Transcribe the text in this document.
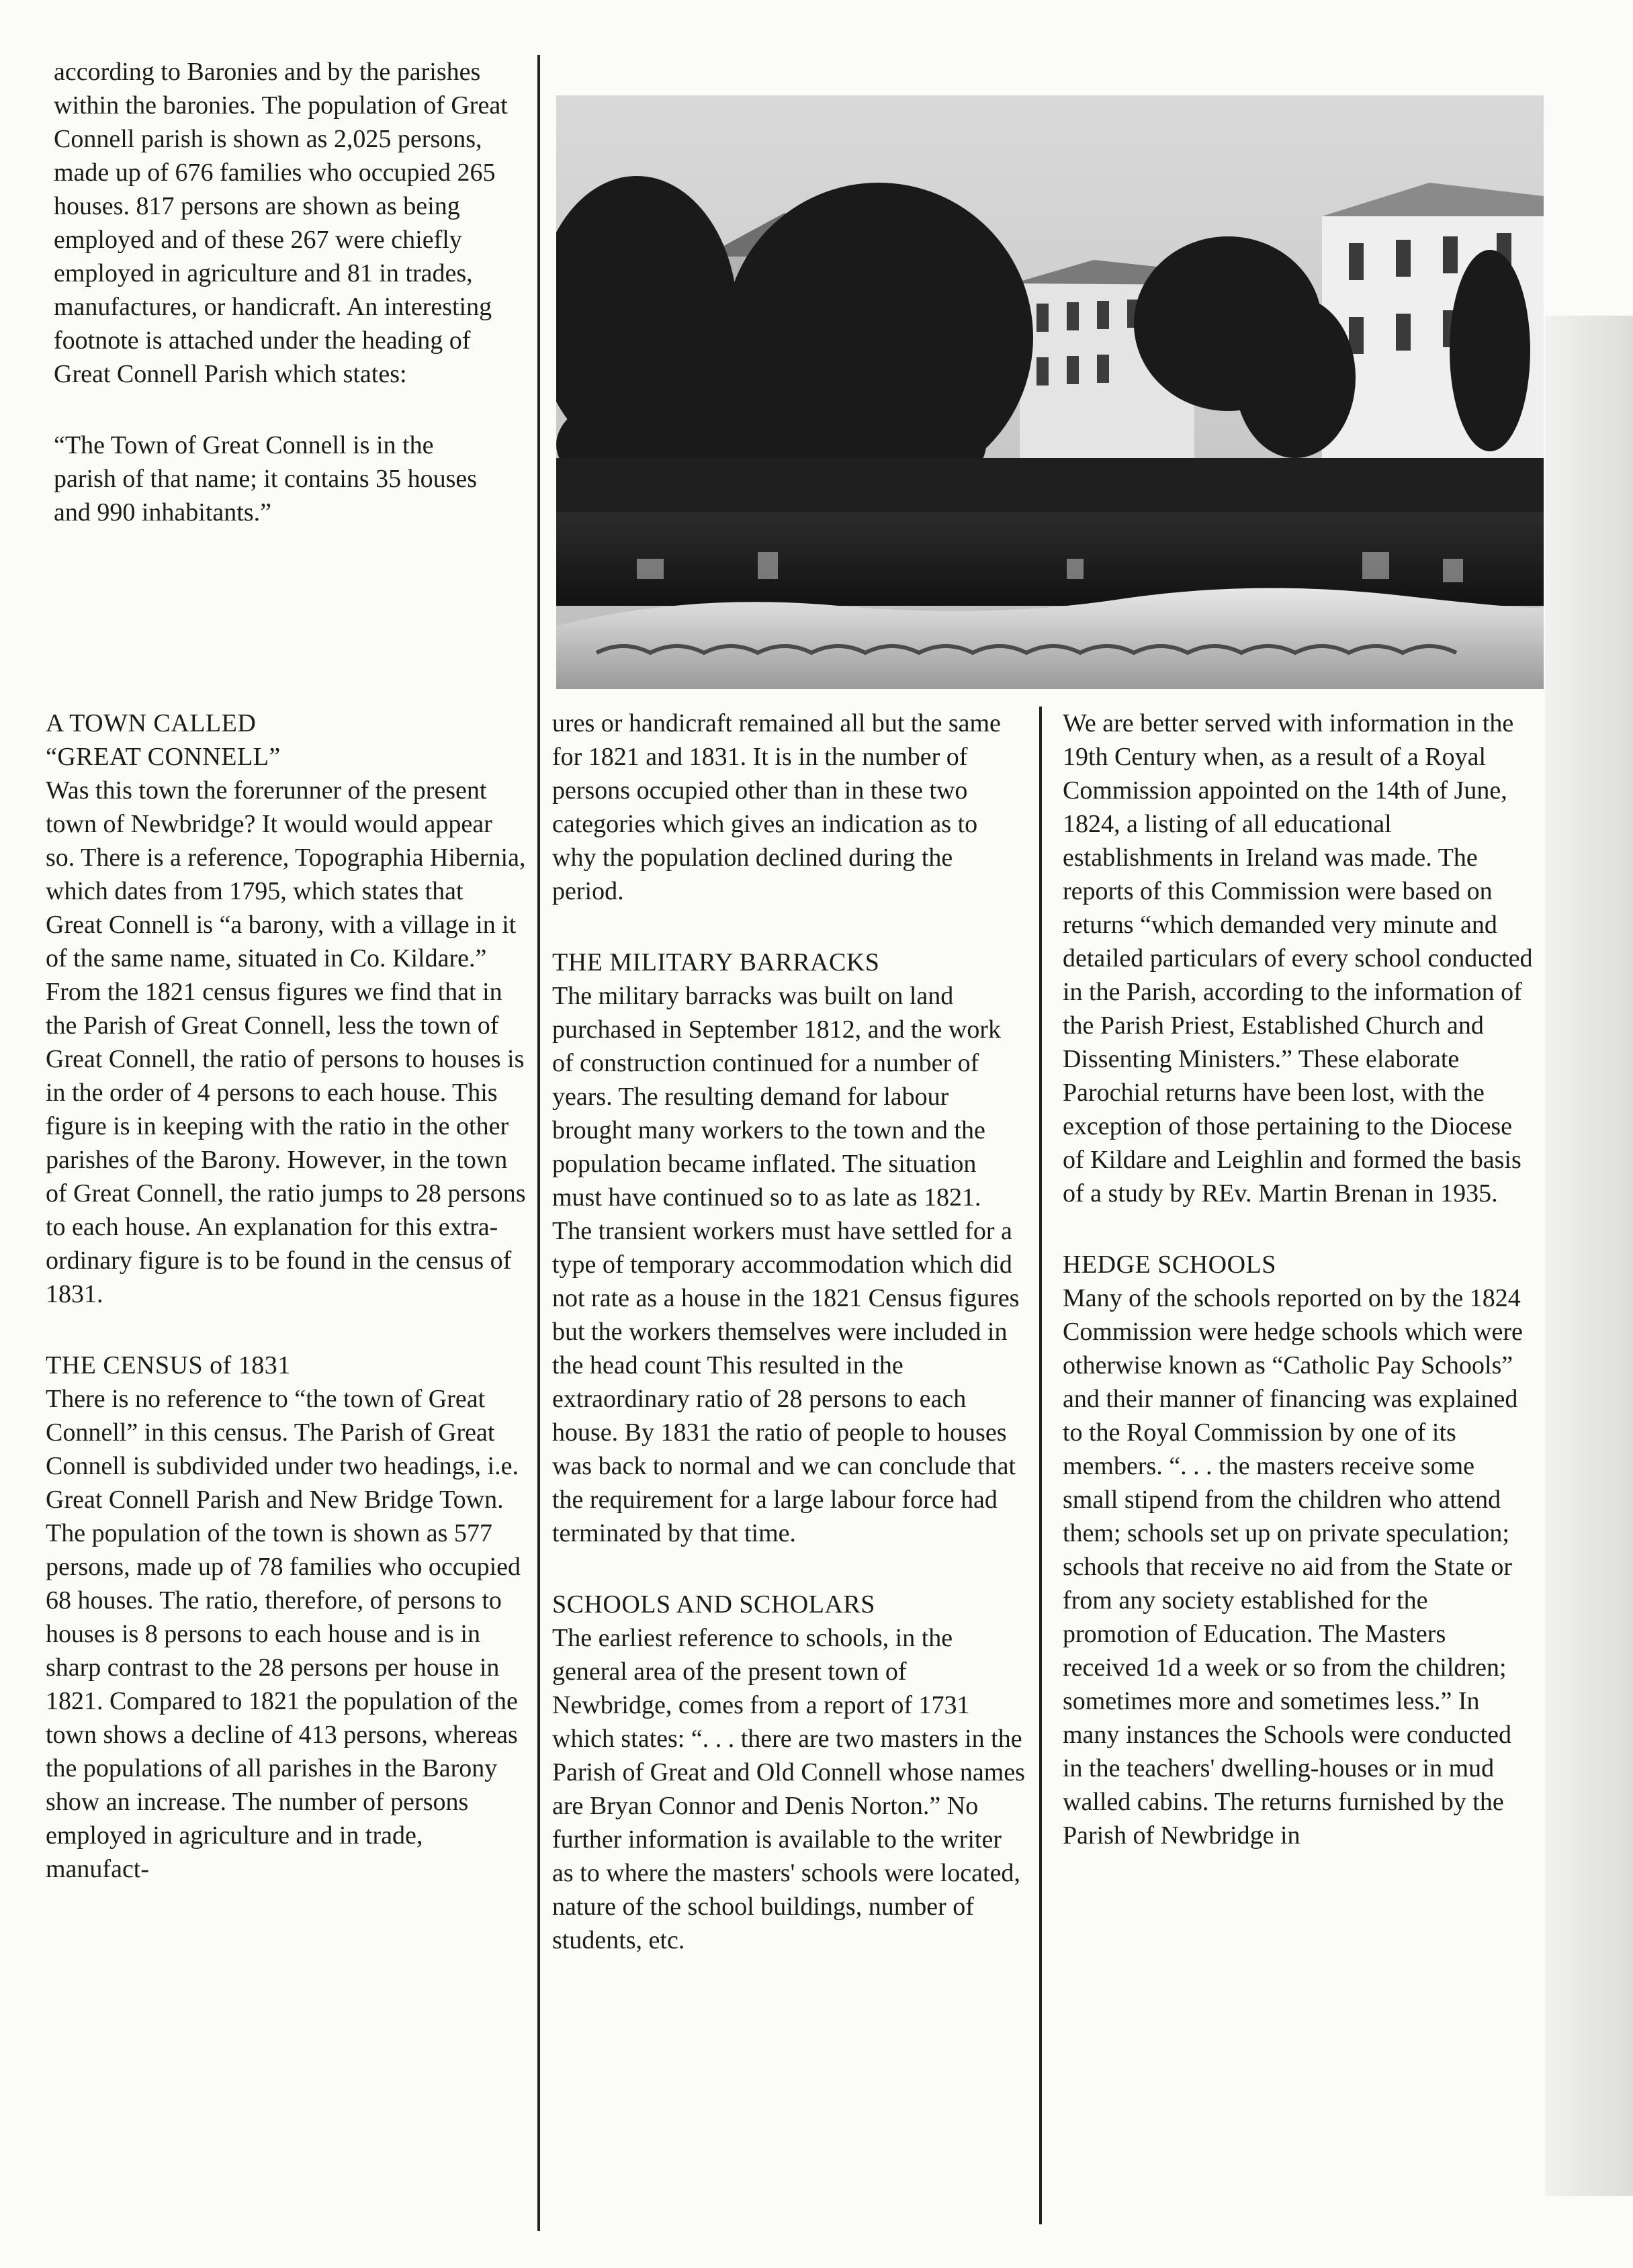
according to Baronies and by the parishes within the baronies. The population of Great Connell parish is shown as 2,025 persons, made up of 676 families who occupied 265 houses. 817 persons are shown as being employed and of these 267 were chiefly employed in agriculture and 81 in trades, manufactures, or handicraft. An interesting footnote is attached under the heading of Great Connell Parish which states:

“The Town of Great Connell is in the parish of that name; it contains 35 houses and 990 inhabitants.”

A TOWN CALLED
“GREAT CONNELL”

Was this town the forerunner of the present town of Newbridge? It would would appear so. There is a reference, Topographia Hibernia, which dates from 1795, which states that Great Connell is “a barony, with a village in it of the same name, situated in Co. Kildare.” From the 1821 census figures we find that in the Parish of Great Connell, less the town of Great Connell, the ratio of persons to houses is in the order of 4 persons to each house. This figure is in keeping with the ratio in the other parishes of the Barony. However, in the town of Great Connell, the ratio jumps to 28 persons to each house. An explanation for this extra-ordinary figure is to be found in the census of 1831.

THE CENSUS of 1831

There is no reference to “the town of Great Connell” in this census. The Parish of Great Connell is subdivided under two headings, i.e. Great Connell Parish and New Bridge Town. The population of the town is shown as 577 persons, made up of 78 families who occupied 68 houses. The ratio, therefore, of persons to houses is 8 persons to each house and is in sharp contrast to the 28 persons per house in 1821. Compared to 1821 the population of the town shows a decline of 413 persons, whereas the populations of all parishes in the Barony show an increase. The number of persons employed in agriculture and in trade, manufact-

ures or handicraft remained all but the same for 1821 and 1831. It is in the number of persons occupied other than in these two categories which gives an indication as to why the population declined during the period.

THE MILITARY BARRACKS

The military barracks was built on land purchased in September 1812, and the work of construction continued for a number of years. The resulting demand for labour brought many workers to the town and the population became inflated. The situation must have continued so to as late as 1821. The transient workers must have settled for a type of temporary accommodation which did not rate as a house in the 1821 Census figures but the workers themselves were included in the head count This resulted in the extraordinary ratio of 28 persons to each house. By 1831 the ratio of people to houses was back to normal and we can conclude that the requirement for a large labour force had terminated by that time.

SCHOOLS AND SCHOLARS

The earliest reference to schools, in the general area of the present town of Newbridge, comes from a report of 1731 which states: “. . . there are two masters in the Parish of Great and Old Connell whose names are Bryan Connor and Denis Norton.” No further information is available to the writer as to where the masters' schools were located, nature of the school buildings, number of students, etc.

We are better served with information in the 19th Century when, as a result of a Royal Commission appointed on the 14th of June, 1824, a listing of all educational establishments in Ireland was made. The reports of this Commission were based on returns “which demanded very minute and detailed particulars of every school conducted in the Parish, according to the information of the Parish Priest, Established Church and Dissenting Ministers.” These elaborate Parochial returns have been lost, with the exception of those pertaining to the Diocese of Kildare and Leighlin and formed the basis of a study by REv. Martin Brenan in 1935.

HEDGE SCHOOLS

Many of the schools reported on by the 1824 Commission were hedge schools which were otherwise known as “Catholic Pay Schools” and their manner of financing was explained to the Royal Commission by one of its members. “. . . the masters receive some small stipend from the children who attend them; schools set up on private speculation; schools that receive no aid from the State or from any society established for the promotion of Education. The Masters received 1d a week or so from the children; sometimes more and sometimes less.” In many instances the Schools were conducted in the teachers' dwelling-houses or in mud walled cabins. The returns furnished by the Parish of Newbridge in
